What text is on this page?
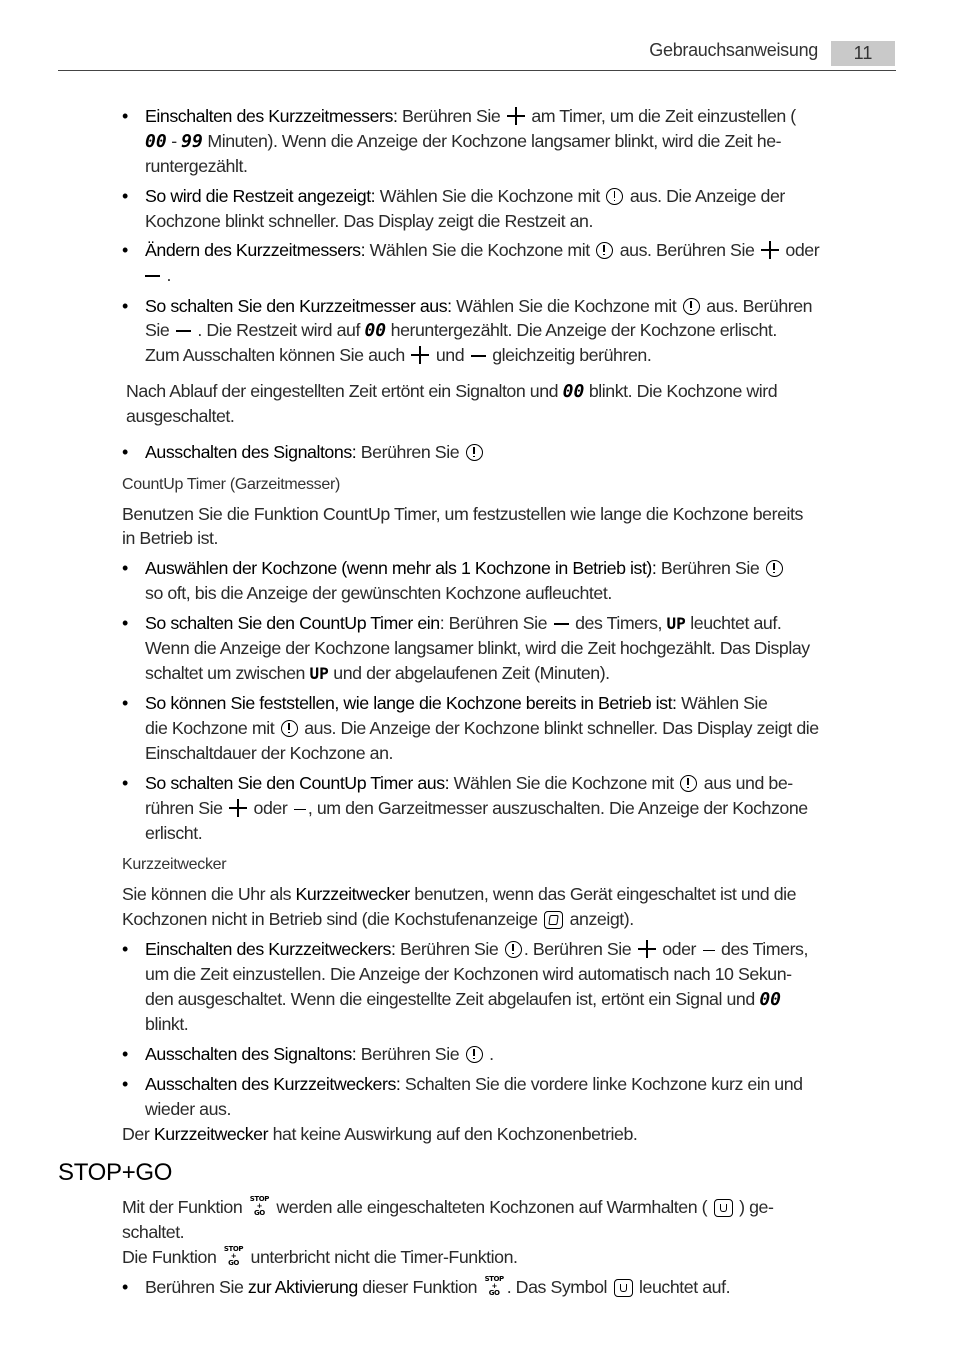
Gebrauchsanweisung	11
• Einschalten des Kurzzeitmessers: Berühren Sie am Timer, um die Zeit einzustellen (
00 - 99 Minuten). Wenn die Anzeige der Kochzone langsamer blinkt, wird die Zeit he-
runtergezählt.
• So wird die Restzeit angezeigt: Wählen Sie die Kochzone mit aus. Die Anzeige der
Kochzone blinkt schneller. Das Display zeigt die Restzeit an.
• Ändern des Kurzzeitmessers: Wählen Sie die Kochzone mit aus. Berühren Sie oder
.
• So schalten Sie den Kurzzeitmesser aus: Wählen Sie die Kochzone mit aus. Berühren
Sie . Die Restzeit wird auf 00 heruntergezählt. Die Anzeige der Kochzone erlischt.
Zum Ausschalten können Sie auch und gleichzeitig berühren.
Nach Ablauf der eingestellten Zeit ertönt ein Signalton und 00 blinkt. Die Kochzone wird
ausgeschaltet.
• Ausschalten des Signaltons: Berühren Sie
CountUp Timer (Garzeitmesser)
Benutzen Sie die Funktion CountUp Timer, um festzustellen wie lange die Kochzone bereits
in Betrieb ist.
• Auswählen der Kochzone (wenn mehr als 1 Kochzone in Betrieb ist): Berühren Sie
so oft, bis die Anzeige der gewünschten Kochzone aufleuchtet.
• So schalten Sie den CountUp Timer ein: Berühren Sie des Timers, UP leuchtet auf.
Wenn die Anzeige der Kochzone langsamer blinkt, wird die Zeit hochgezählt. Das Display
schaltet um zwischen UP und der abgelaufenen Zeit (Minuten).
• So können Sie feststellen, wie lange die Kochzone bereits in Betrieb ist: Wählen Sie
die Kochzone mit aus. Die Anzeige der Kochzone blinkt schneller. Das Display zeigt die
Einschaltdauer der Kochzone an.
• So schalten Sie den CountUp Timer aus: Wählen Sie die Kochzone mit aus und be-
rühren Sie oder , um den Garzeitmesser auszuschalten. Die Anzeige der Kochzone
erlischt.
Kurzzeitwecker
Sie können die Uhr als Kurzzeitwecker benutzen, wenn das Gerät eingeschaltet ist und die
Kochzonen nicht in Betrieb sind (die Kochstufenanzeige anzeigt).
• Einschalten des Kurzzeitweckers: Berühren Sie . Berühren Sie oder des Timers,
um die Zeit einzustellen. Die Anzeige der Kochzonen wird automatisch nach 10 Sekun-
den ausgeschaltet. Wenn die eingestellte Zeit abgelaufen ist, ertönt ein Signal und 00
blinkt.
• Ausschalten des Signaltons: Berühren Sie .
• Ausschalten des Kurzzeitweckers: Schalten Sie die vordere linke Kochzone kurz ein und
wieder aus.
Der Kurzzeitwecker hat keine Auswirkung auf den Kochzonenbetrieb.
STOP+GO
Mit der Funktion STOP
+
GO werden alle eingeschalteten Kochzonen auf Warmhalten ( ) ge-
schaltet.
Die Funktion STOP
+
GO unterbricht nicht die Timer-Funktion.
• Berühren Sie zur Aktivierung dieser Funktion STOP
+
GO . Das Symbol leuchtet auf.
